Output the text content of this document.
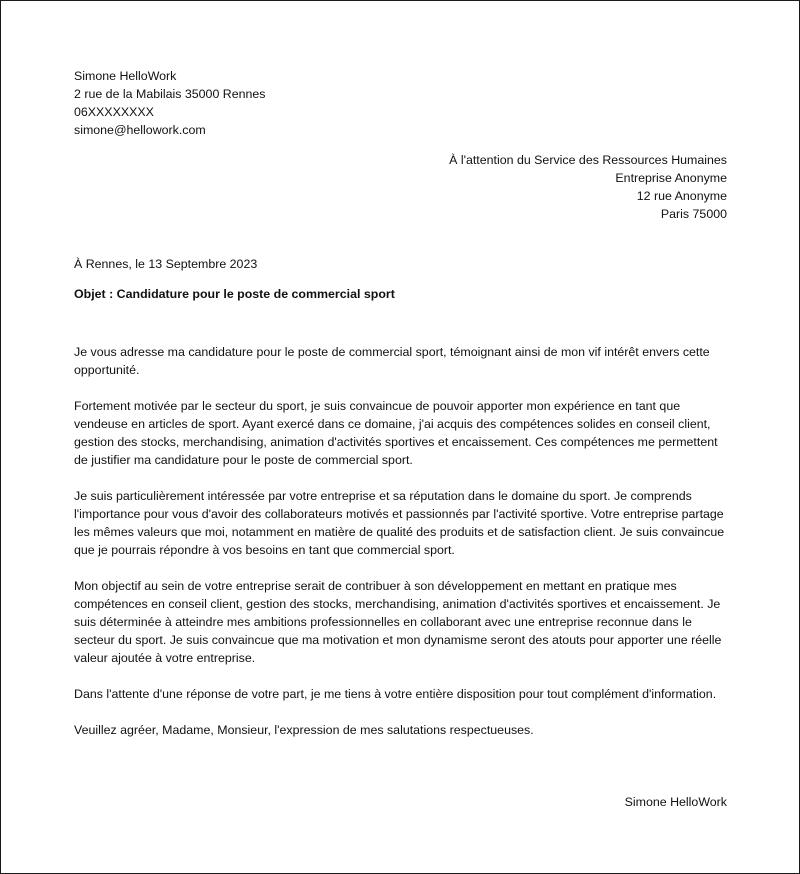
Simone HelloWork
2 rue de la Mabilais 35000 Rennes
06XXXXXXXX
simone@hellowork.com
À l'attention du Service des Ressources Humaines
Entreprise Anonyme
12 rue Anonyme
Paris 75000
À Rennes, le 13 Septembre 2023
Objet : Candidature pour le poste de commercial sport

Je vous adresse ma candidature pour le poste de commercial sport, témoignant ainsi de mon vif intérêt envers cette opportunité.

Fortement motivée par le secteur du sport, je suis convaincue de pouvoir apporter mon expérience en tant que vendeuse en articles de sport. Ayant exercé dans ce domaine, j'ai acquis des compétences solides en conseil client, gestion des stocks, merchandising, animation d'activités sportives et encaissement. Ces compétences me permettent de justifier ma candidature pour le poste de commercial sport.

Je suis particulièrement intéressée par votre entreprise et sa réputation dans le domaine du sport. Je comprends l'importance pour vous d'avoir des collaborateurs motivés et passionnés par l'activité sportive. Votre entreprise partage les mêmes valeurs que moi, notamment en matière de qualité des produits et de satisfaction client. Je suis convaincue que je pourrais répondre à vos besoins en tant que commercial sport.

Mon objectif au sein de votre entreprise serait de contribuer à son développement en mettant en pratique mes compétences en conseil client, gestion des stocks, merchandising, animation d'activités sportives et encaissement. Je suis déterminée à atteindre mes ambitions professionnelles en collaborant avec une entreprise reconnue dans le secteur du sport. Je suis convaincue que ma motivation et mon dynamisme seront des atouts pour apporter une réelle valeur ajoutée à votre entreprise.

Dans l'attente d'une réponse de votre part, je me tiens à votre entière disposition pour tout complément d'information.

Veuillez agréer, Madame, Monsieur, l'expression de mes salutations respectueuses.

Simone HelloWork
